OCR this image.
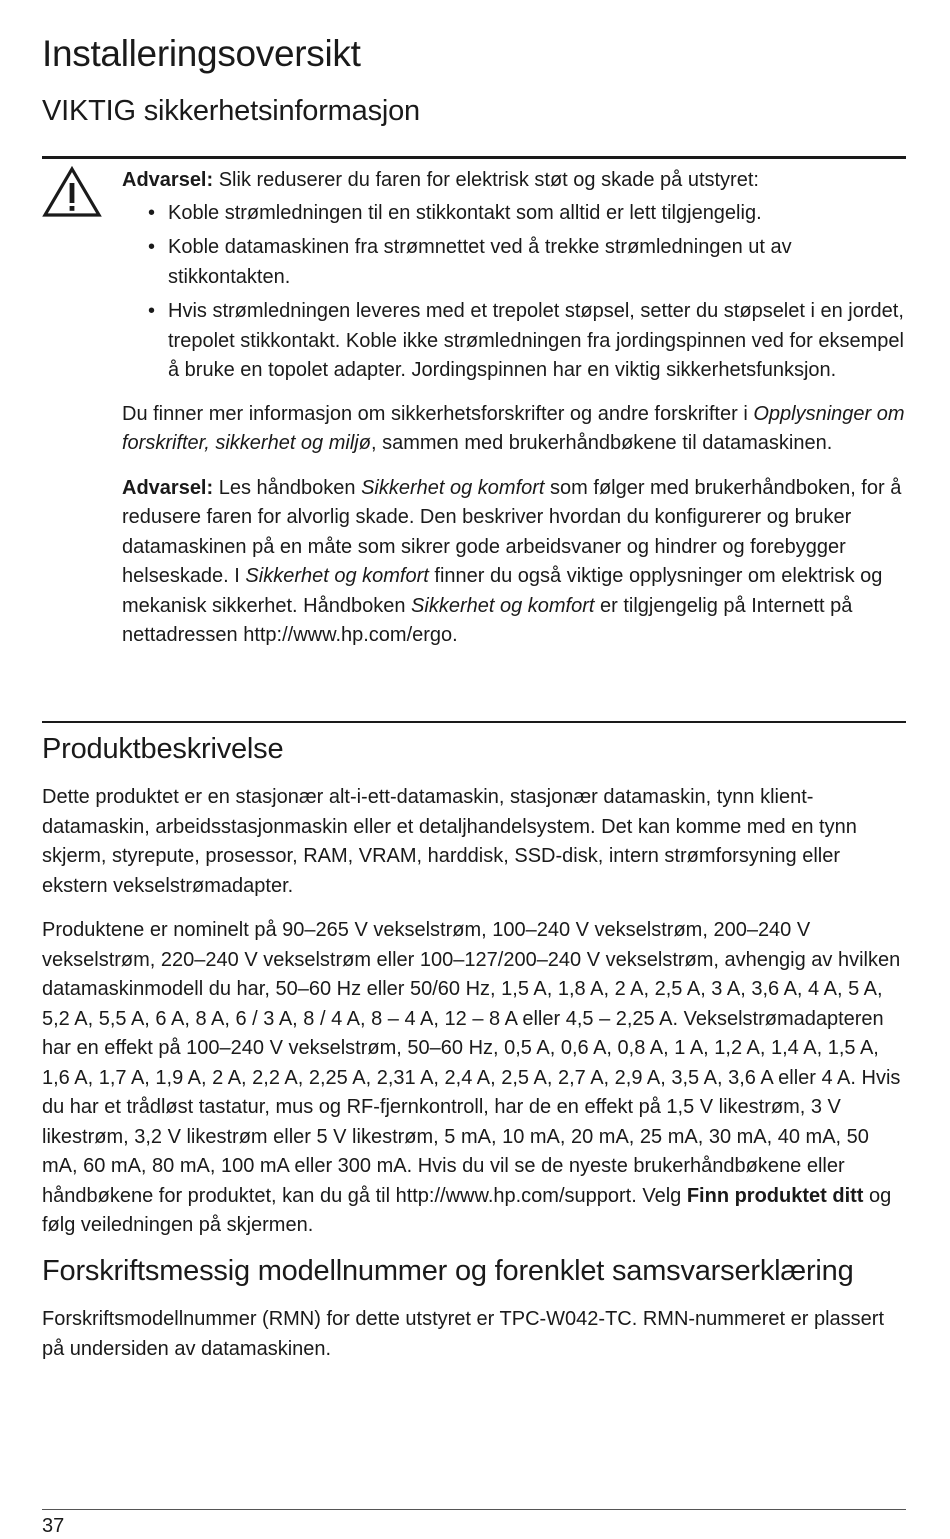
Installeringsoversikt
VIKTIG sikkerhetsinformasjon

Advarsel: Slik reduserer du faren for elektrisk støt og skade på utstyret:

• Koble strømledningen til en stikkontakt som alltid er lett tilgjengelig.
• Koble datamaskinen fra strømnettet ved å trekke strømledningen ut av stikkontakten.
• Hvis strømledningen leveres med et trepolet støpsel, setter du støpselet i en jordet, trepolet stikkontakt. Koble ikke strømledningen fra jordingspinnen ved for eksempel å bruke en topolet adapter. Jordingspinnen har en viktig sikkerhetsfunksjon.

Du finner mer informasjon om sikkerhetsforskrifter og andre forskrifter i Opplysninger om forskrifter, sikkerhet og miljø, sammen med brukerhåndbøkene til datamaskinen.

Advarsel: Les håndboken Sikkerhet og komfort som følger med brukerhåndboken, for å redusere faren for alvorlig skade. Den beskriver hvordan du konfigurerer og bruker datamaskinen på en måte som sikrer gode arbeidsvaner og hindrer og forebygger helseskade. I Sikkerhet og komfort finner du også viktige opplysninger om elektrisk og mekanisk sikkerhet. Håndboken Sikkerhet og komfort er tilgjengelig på Internett på nettadressen http://www.hp.com/ergo.

Produktbeskrivelse

Dette produktet er en stasjonær alt-i-ett-datamaskin, stasjonær datamaskin, tynn klient-datamaskin, arbeidsstasjonmaskin eller et detaljhandelsystem. Det kan komme med en tynn skjerm, styrepute, prosessor, RAM, VRAM, harddisk, SSD-disk, intern strømforsyning eller ekstern vekselstrømadapter.

Produktene er nominelt på 90–265 V vekselstrøm, 100–240 V vekselstrøm, 200–240 V vekselstrøm, 220–240 V vekselstrøm eller 100–127/200–240 V vekselstrøm, avhengig av hvilken datamaskinmodell du har, 50–60 Hz eller 50/60 Hz, 1,5 A, 1,8 A, 2 A, 2,5 A, 3 A, 3,6 A, 4 A, 5 A, 5,2 A, 5,5 A, 6 A, 8 A, 6 / 3 A, 8 / 4 A, 8 – 4 A, 12 – 8 A eller 4,5 – 2,25 A. Vekselstrømadapteren har en effekt på 100–240 V vekselstrøm, 50–60 Hz, 0,5 A, 0,6 A, 0,8 A, 1 A, 1,2 A, 1,4 A, 1,5 A, 1,6 A, 1,7 A, 1,9 A, 2 A, 2,2 A, 2,25 A, 2,31 A, 2,4 A, 2,5 A, 2,7 A, 2,9 A, 3,5 A, 3,6 A eller 4 A. Hvis du har et trådløst tastatur, mus og RF-fjernkontroll, har de en effekt på 1,5 V likestrøm, 3 V likestrøm, 3,2 V likestrøm eller 5 V likestrøm, 5 mA, 10 mA, 20 mA, 25 mA, 30 mA, 40 mA, 50 mA, 60 mA, 80 mA, 100 mA eller 300 mA. Hvis du vil se de nyeste brukerhåndbøkene eller håndbøkene for produktet, kan du gå til http://www.hp.com/support. Velg Finn produktet ditt og følg veiledningen på skjermen.

Forskriftsmessig modellnummer og forenklet samsvarserklæring

Forskriftsmodellnummer (RMN) for dette utstyret er TPC-W042-TC. RMN-nummeret er plassert på undersiden av datamaskinen.

37
